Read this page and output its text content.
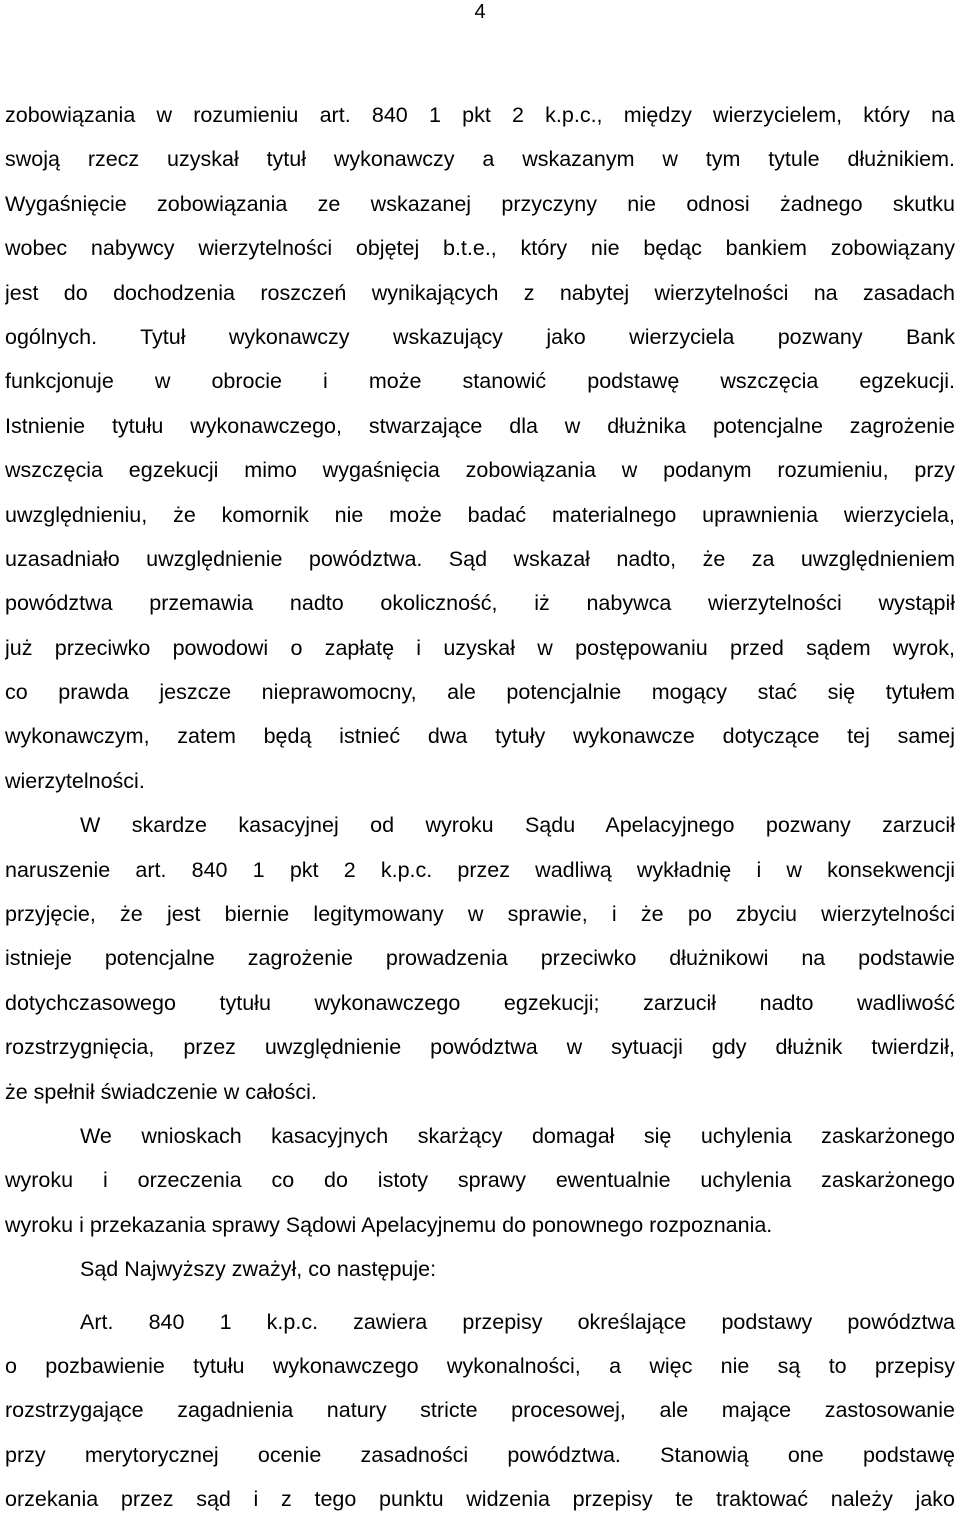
4
zobowiązania w rozumieniu art. 840 1 pkt 2 k.p.c., między wierzycielem, który na
swoją rzecz uzyskał tytuł wykonawczy a wskazanym w tym tytule dłużnikiem.
Wygaśnięcie zobowiązania ze wskazanej przyczyny nie odnosi żadnego skutku
wobec nabywcy wierzytelności objętej b.t.e., który nie będąc bankiem zobowiązany
jest do dochodzenia roszczeń wynikających z nabytej wierzytelności na zasadach
ogólnych. Tytuł wykonawczy wskazujący jako wierzyciela pozwany Bank
funkcjonuje w obrocie i może stanowić podstawę wszczęcia egzekucji.
Istnienie tytułu wykonawczego, stwarzające dla w dłużnika potencjalne zagrożenie
wszczęcia egzekucji mimo wygaśnięcia zobowiązania w podanym rozumieniu, przy
uwzględnieniu, że komornik nie może badać materialnego uprawnienia wierzyciela,
uzasadniało uwzględnienie powództwa. Sąd wskazał nadto, że za uwzględnieniem
powództwa przemawia nadto okoliczność, iż nabywca wierzytelności wystąpił
już przeciwko powodowi o zapłatę i uzyskał w postępowaniu przed sądem wyrok,
co prawda jeszcze nieprawomocny, ale potencjalnie mogący stać się tytułem
wykonawczym, zatem będą istnieć dwa tytuły wykonawcze dotyczące tej samej
wierzytelności.
W skardze kasacyjnej od wyroku Sądu Apelacyjnego pozwany zarzucił
naruszenie art. 840 1 pkt 2 k.p.c. przez wadliwą wykładnię i w konsekwencji
przyjęcie, że jest biernie legitymowany w sprawie, i że po zbyciu wierzytelności
istnieje potencjalne zagrożenie prowadzenia przeciwko dłużnikowi na podstawie
dotychczasowego tytułu wykonawczego egzekucji; zarzucił nadto wadliwość
rozstrzygnięcia, przez uwzględnienie powództwa w sytuacji gdy dłużnik twierdził,
że spełnił świadczenie w całości.
We wnioskach kasacyjnych skarżący domagał się uchylenia zaskarżonego
wyroku i orzeczenia co do istoty sprawy ewentualnie uchylenia zaskarżonego
wyroku i przekazania sprawy Sądowi Apelacyjnemu do ponownego rozpoznania.
Sąd Najwyższy zważył, co następuje:
Art. 840 1 k.p.c. zawiera przepisy określające podstawy powództwa
o pozbawienie tytułu wykonawczego wykonalności, a więc nie są to przepisy
rozstrzygające zagadnienia natury stricte procesowej, ale mające zastosowanie
przy merytorycznej ocenie zasadności powództwa. Stanowią one podstawę
orzekania przez sąd i z tego punktu widzenia przepisy te traktować należy jako
